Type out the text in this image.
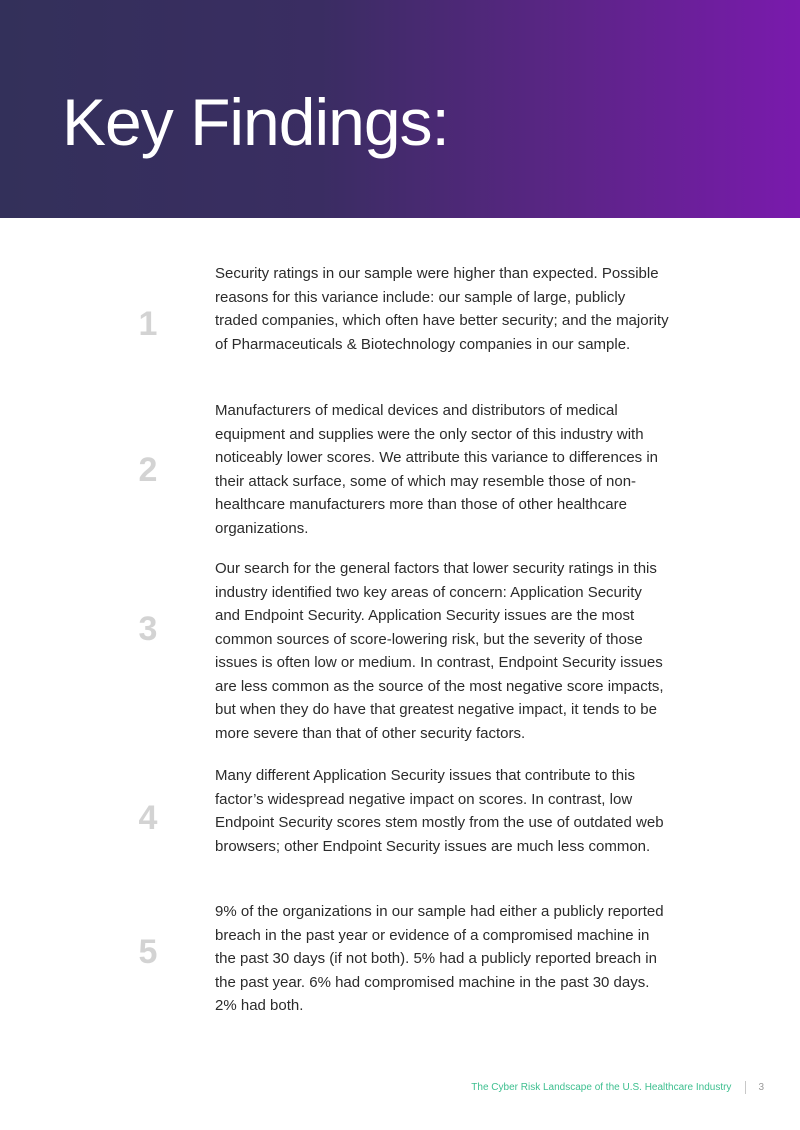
Key Findings:
1

Security ratings in our sample were higher than expected. Possible reasons for this variance include: our sample of large, publicly traded companies, which often have better security; and the majority of Pharmaceuticals & Biotechnology companies in our sample.

2

Manufacturers of medical devices and distributors of medical equipment and supplies were the only sector of this industry with noticeably lower scores. We attribute this variance to differences in their attack surface, some of which may resemble those of non-healthcare manufacturers more than those of other healthcare organizations.

3

Our search for the general factors that lower security ratings in this industry identified two key areas of concern: Application Security and Endpoint Security. Application Security issues are the most common sources of score-lowering risk, but the severity of those issues is often low or medium. In contrast, Endpoint Security issues are less common as the source of the most negative score impacts, but when they do have that greatest negative impact, it tends to be more severe than that of other security factors.

4

Many different Application Security issues that contribute to this factor’s widespread negative impact on scores. In contrast, low Endpoint Security scores stem mostly from the use of outdated web browsers; other Endpoint Security issues are much less common.

5

9% of the organizations in our sample had either a publicly reported breach in the past year or evidence of a compromised machine in the past 30 days (if not both). 5% had a publicly reported breach in the past year. 6% had compromised machine in the past 30 days. 2% had both.

The Cyber Risk Landscape of the U.S. Healthcare Industry	3
